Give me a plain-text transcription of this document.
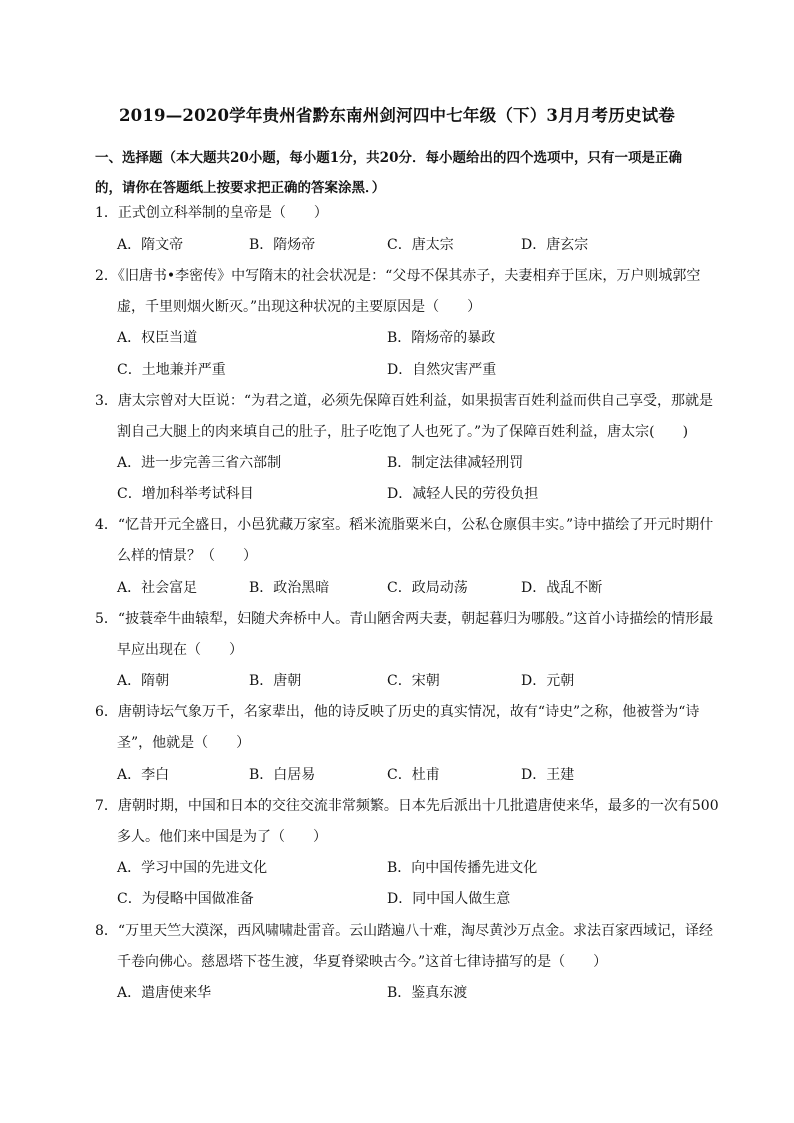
2019—2020学年贵州省黔东南州剑河四中七年级（下）3月月考历史试卷
一、选择题（本大题共20小题，每小题1分，共20分．每小题给出的四个选项中，只有一项是正确的，请你在答题纸上按要求把正确的答案涂黑．）
1．正式创立科举制的皇帝是（　　）
A．隋文帝	B．隋炀帝	C．唐太宗	D．唐玄宗
2．《旧唐书•李密传》中写隋末的社会状况是：“父母不保其赤子，夫妻相弃于匡床，万户则城郭空虚，千里则烟火断灭。”出现这种状况的主要原因是（　　）
A．权臣当道	B．隋炀帝的暴政
C．土地兼并严重	D．自然灾害严重
3．唐太宗曾对大臣说：“为君之道，必须先保障百姓利益，如果损害百姓利益而供自己享受，那就是割自己大腿上的肉来填自己的肚子，肚子吃饱了人也死了。”为了保障百姓利益，唐太宗(　　)
A．进一步完善三省六部制	B．制定法律减轻刑罚
C．增加科举考试科目	D．减轻人民的劳役负担
4．“忆昔开元全盛日，小邑犹藏万家室。稻米流脂粟米白，公私仓廪俱丰实。”诗中描绘了开元时期什么样的情景？（　　）
A．社会富足	B．政治黑暗	C．政局动荡	D．战乱不断
5．“披蓑牵牛曲辕犁，妇随犬奔桥中人。青山陋舍两夫妻，朝起暮归为哪般。”这首小诗描绘的情形最早应出现在（　　）
A．隋朝	B．唐朝	C．宋朝	D．元朝
6．唐朝诗坛气象万千，名家辈出，他的诗反映了历史的真实情况，故有“诗史”之称，他被誉为“诗圣”，他就是（　　）
A．李白	B．白居易	C．杜甫	D．王建
7．唐朝时期，中国和日本的交往交流非常频繁。日本先后派出十几批遣唐使来华，最多的一次有500多人。他们来中国是为了（　　）
A．学习中国的先进文化	B．向中国传播先进文化
C．为侵略中国做准备	D．同中国人做生意
8．“万里天竺大漠深，西风啸啸赴雷音。云山踏遍八十难，淘尽黄沙万点金。求法百家西域记，译经千卷向佛心。慈恩塔下苍生渡，华夏脊梁映古今。”这首七律诗描写的是（　　）
A．遣唐使来华	B．鉴真东渡
